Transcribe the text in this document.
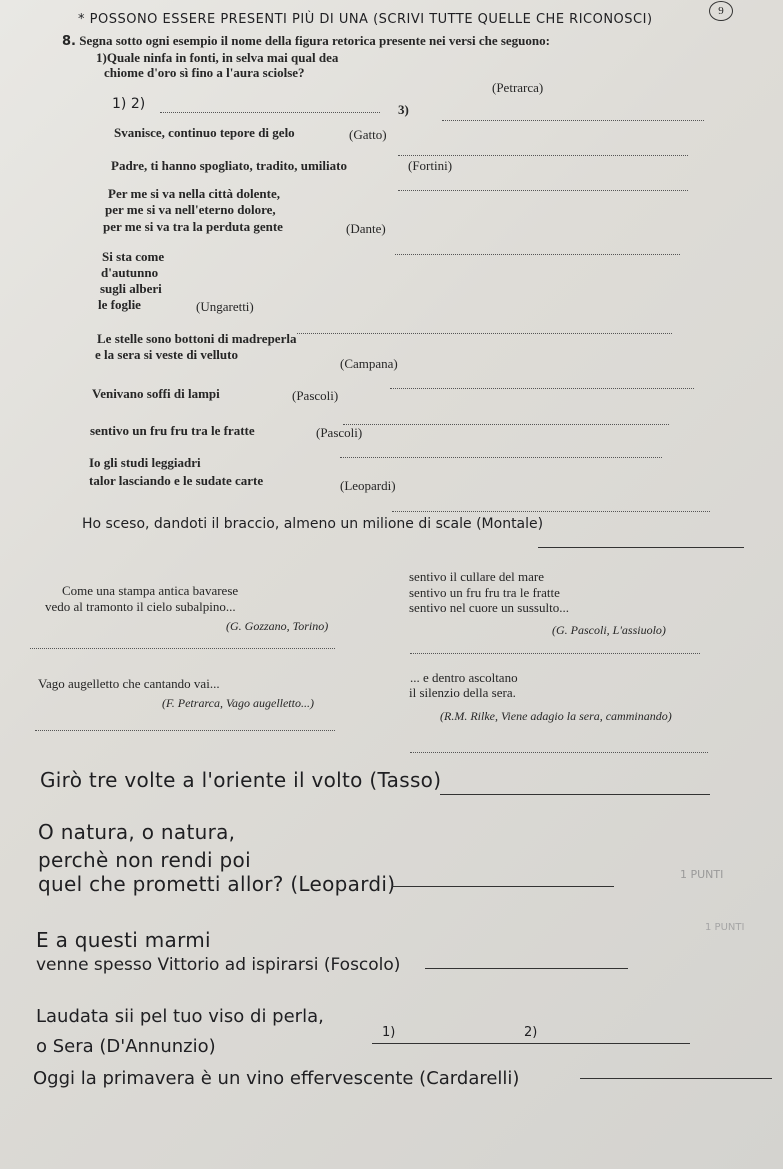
9
* POSSONO ESSERE PRESENTI PIÙ DI UNA (SCRIVI TUTTE QUELLE CHE RICONOSCI)
8. Segna sotto ogni esempio il nome della figura retorica presente nei versi che seguono:
1)Quale ninfa in fonti, in selva mai qual dea
chiome d'oro sì fino a l'aura sciolse?
(Petrarca)
1) 2)	3)
Svanisce, continuo tepore di gelo	(Gatto)
Padre, ti hanno spogliato, tradito, umiliato	(Fortini)
Per me si va nella città dolente,
per me si va nell'eterno dolore,
per me si va tra la perduta gente	(Dante)
Si sta come
d'autunno
sugli alberi
le foglie	(Ungaretti)
Le stelle sono bottoni di madreperla
e la sera si veste di velluto
(Campana)
Venivano soffi di lampi	(Pascoli)
sentivo un fru fru tra le fratte	(Pascoli)
Io gli studi leggiadri
talor lasciando e le sudate carte	(Leopardi)
Ho sceso, dandoti il braccio, almeno un milione di scale (Montale)
Come una stampa antica bavarese
vedo al tramonto il cielo subalpino...
(G. Gozzano, Torino)
sentivo il cullare del mare
sentivo un fru fru tra le fratte
sentivo nel cuore un sussulto...
(G. Pascoli, L'assiuolo)
Vago augelletto che cantando vai...
(F. Petrarca, Vago augelletto...)
... e dentro ascoltano
il silenzio della sera.
(R.M. Rilke, Viene adagio la sera, camminando)
Girò tre volte a l'oriente il volto (Tasso)
O natura, o natura,
perchè non rendi poi
quel che prometti allor? (Leopardi)	1 PUNTI
E a questi marmi
venne spesso Vittorio ad ispirarsi (Foscolo)
1 PUNTI
Laudata sii pel tuo viso di perla,
o Sera (D'Annunzio)
1)	2)
Oggi la primavera è un vino effervescente (Cardarelli)
